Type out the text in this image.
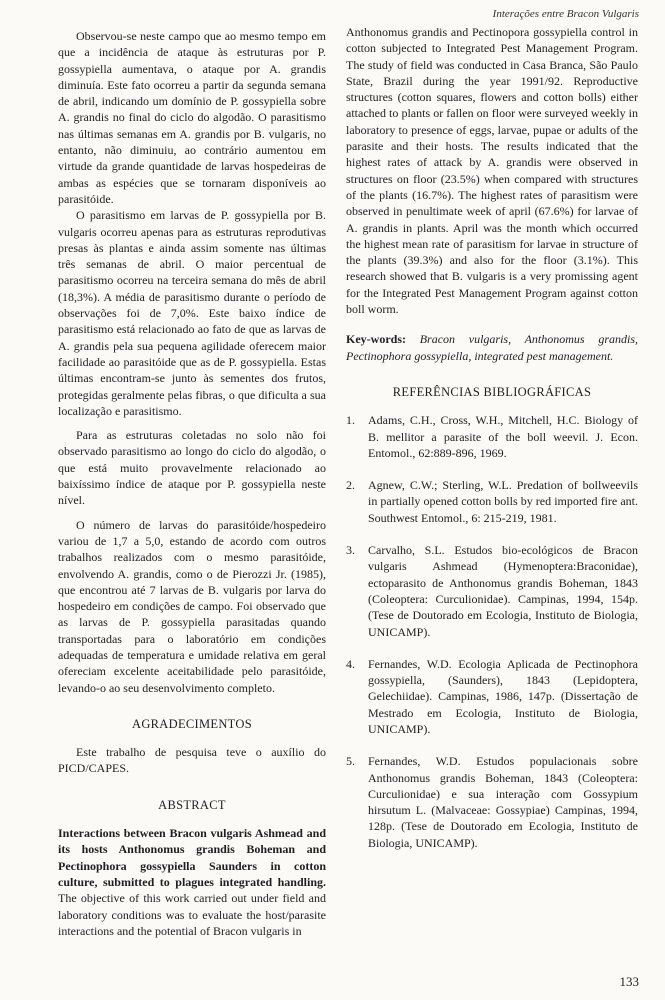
Interações entre Bracon Vulgaris

Observou-se neste campo que ao mesmo tempo em que a incidência de ataque às estruturas por P. gossypiella aumentava, o ataque por A. grandis diminuía. Este fato ocorreu a partir da segunda semana de abril, indicando um domínio de P. gossypiella sobre A. grandis no final do ciclo do algodão. O parasitismo nas últimas semanas em A. grandis por B. vulgaris, no entanto, não diminuiu, ao contrário aumentou em virtude da grande quantidade de larvas hospedeiras de ambas as espécies que se tornaram disponíveis ao parasitóide.

O parasitismo em larvas de P. gossypiella por B. vulgaris ocorreu apenas para as estruturas reprodutivas presas às plantas e ainda assim somente nas últimas três semanas de abril. O maior percentual de parasitismo ocorreu na terceira semana do mês de abril (18,3%). A média de parasitismo durante o período de observações foi de 7,0%. Este baixo índice de parasitismo está relacionado ao fato de que as larvas de A. grandis pela sua pequena agilidade oferecem maior facilidade ao parasitóide que as de P. gossypiella. Estas últimas encontram-se junto às sementes dos frutos, protegidas geralmente pelas fibras, o que dificulta a sua localização e parasitismo.

Para as estruturas coletadas no solo não foi observado parasitismo ao longo do ciclo do algodão, o que está muito provavelmente relacionado ao baixíssimo índice de ataque por P. gossypiella neste nível.

O número de larvas do parasitóide/hospedeiro variou de 1,7 a 5,0, estando de acordo com outros trabalhos realizados com o mesmo parasitóide, envolvendo A. grandis, como o de Pierozzi Jr. (1985), que encontrou até 7 larvas de B. vulgaris por larva do hospedeiro em condições de campo. Foi observado que as larvas de P. gossypiella parasitadas quando transportadas para o laboratório em condições adequadas de temperatura e umidade relativa em geral ofereciam excelente aceitabilidade pelo parasitóide, levando-o ao seu desenvolvimento completo.

AGRADECIMENTOS

Este trabalho de pesquisa teve o auxílio do PICD/CAPES.

ABSTRACT

Interactions between Bracon vulgaris Ashmead and its hosts Anthonomus grandis Boheman and Pectinophora gossypiella Saunders in cotton culture, submitted to plagues integrated handling. The objective of this work carried out under field and laboratory conditions was to evaluate the host/parasite interactions and the potential of Bracon vulgaris in

Anthonomus grandis and Pectinopora gossypiella control in cotton subjected to Integrated Pest Management Program. The study of field was conducted in Casa Branca, São Paulo State, Brazil during the year 1991/92. Reproductive structures (cotton squares, flowers and cotton bolls) either attached to plants or fallen on floor were surveyed weekly in laboratory to presence of eggs, larvae, pupae or adults of the parasite and their hosts. The results indicated that the highest rates of attack by A. grandis were observed in structures on floor (23.5%) when compared with structures of the plants (16.7%). The highest rates of parasitism were observed in penultimate week of april (67.6%) for larvae of A. grandis in plants. April was the month which occurred the highest mean rate of parasitism for larvae in structure of the plants (39.3%) and also for the floor (3.1%). This research showed that B. vulgaris is a very promissing agent for the Integrated Pest Management Program against cotton boll worm.

Key-words: Bracon vulgaris, Anthonomus grandis, Pectinophora gossypiella, integrated pest management.

REFERÊNCIAS BIBLIOGRÁFICAS
1. Adams, C.H., Cross, W.H., Mitchell, H.C. Biology of B. mellitor a parasite of the boll weevil. J. Econ. Entomol., 62:889-896, 1969.
2. Agnew, C.W.; Sterling, W.L. Predation of bollweevils in partially opened cotton bolls by red imported fire ant. Southwest Entomol., 6: 215-219, 1981.
3. Carvalho, S.L. Estudos bio-ecológicos de Bracon vulgaris Ashmead (Hymenoptera:Braconidae), ectoparasito de Anthonomus grandis Boheman, 1843 (Coleoptera: Curculionidae). Campinas, 1994, 154p. (Tese de Doutorado em Ecologia, Instituto de Biologia, UNICAMP).
4. Fernandes, W.D. Ecologia Aplicada de Pectinophora gossypiella, (Saunders), 1843 (Lepidoptera, Gelechiidae). Campinas, 1986, 147p. (Dissertação de Mestrado em Ecologia, Instituto de Biologia, UNICAMP).
5. Fernandes, W.D. Estudos populacionais sobre Anthonomus grandis Boheman, 1843 (Coleoptera: Curculionidae) e sua interação com Gossypium hirsutum L. (Malvaceae: Gossypiae) Campinas, 1994, 128p. (Tese de Doutorado em Ecologia, Instituto de Biologia, UNICAMP).
133
